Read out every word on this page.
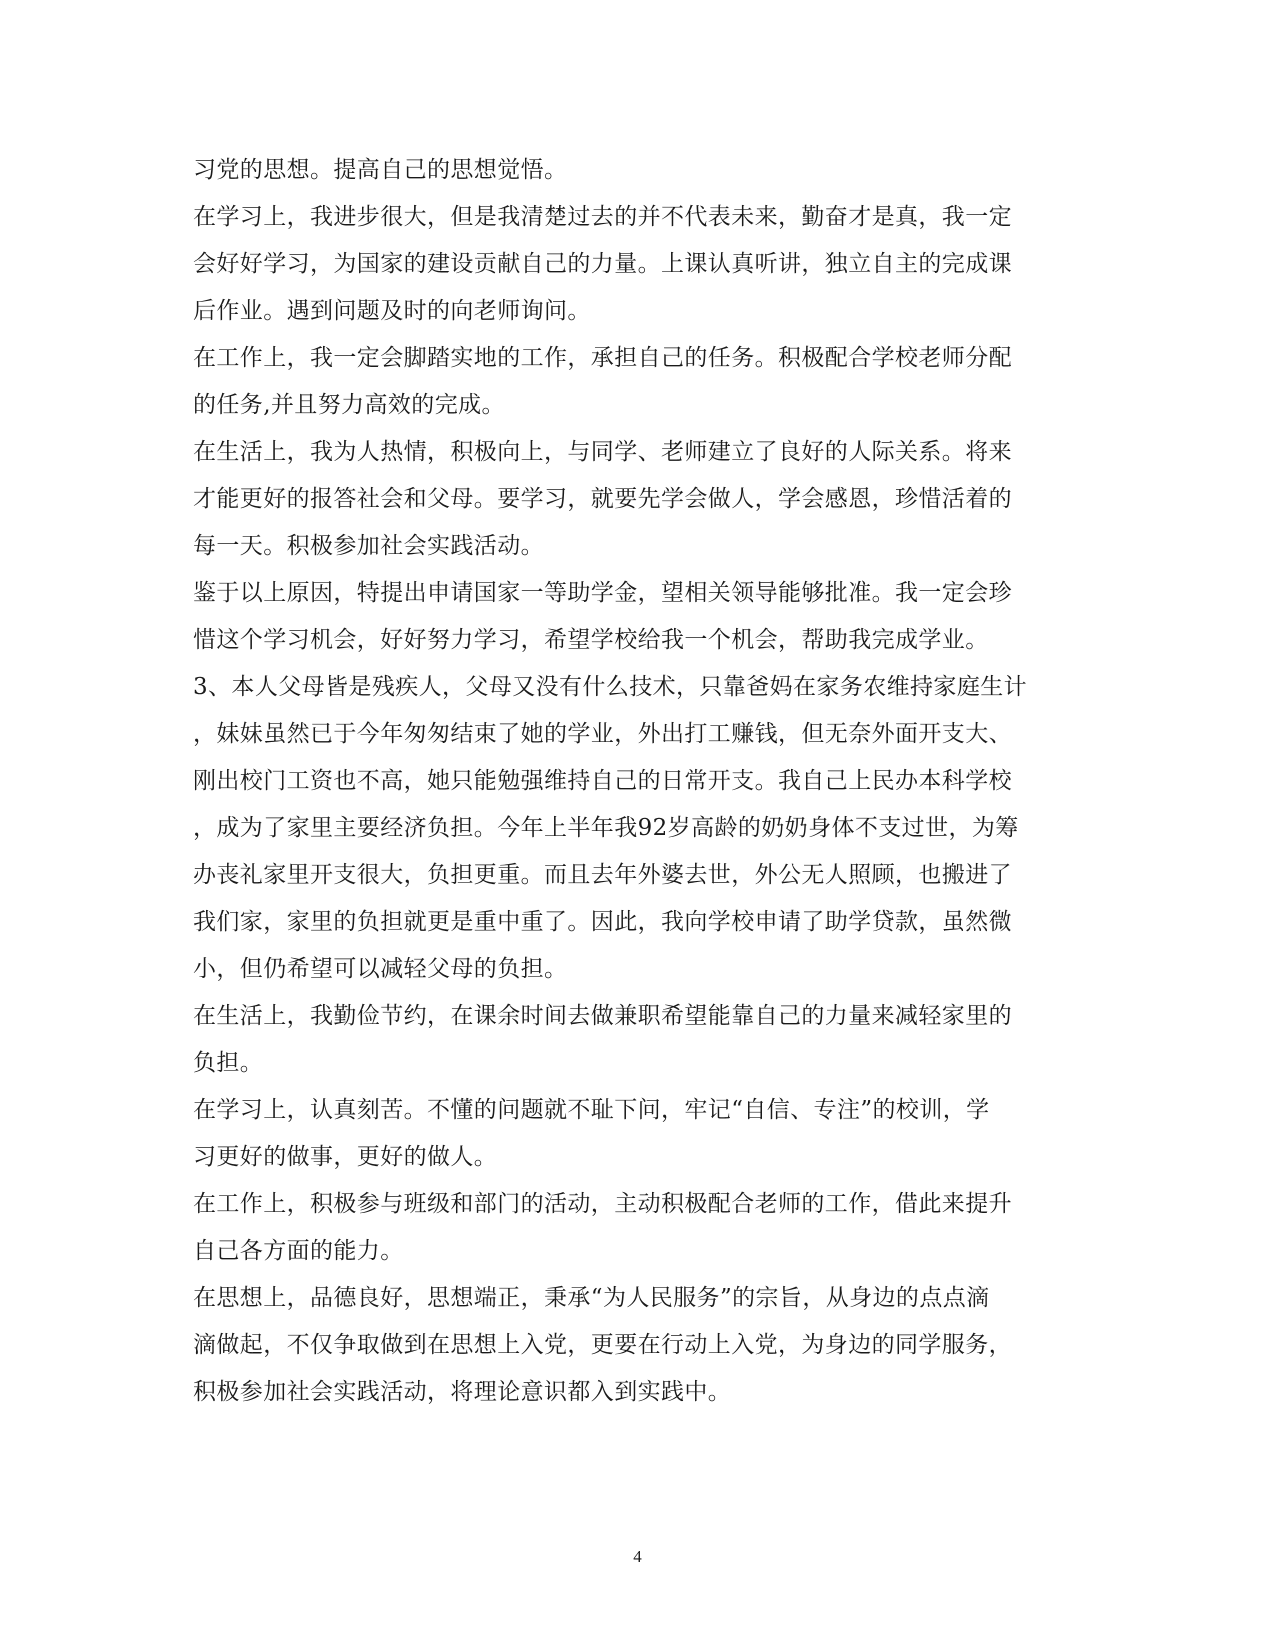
习党的思想。提高自己的思想觉悟。
在学习上，我进步很大，但是我清楚过去的并不代表未来，勤奋才是真，我一定
会好好学习，为国家的建设贡献自己的力量。上课认真听讲，独立自主的完成课
后作业。遇到问题及时的向老师询问。
在工作上，我一定会脚踏实地的工作，承担自己的任务。积极配合学校老师分配
的任务,并且努力高效的完成。
在生活上，我为人热情，积极向上，与同学、老师建立了良好的人际关系。将来
才能更好的报答社会和父母。要学习，就要先学会做人，学会感恩，珍惜活着的
每一天。积极参加社会实践活动。
鉴于以上原因，特提出申请国家一等助学金，望相关领导能够批准。我一定会珍
惜这个学习机会，好好努力学习，希望学校给我一个机会，帮助我完成学业。
3、本人父母皆是残疾人，父母又没有什么技术，只靠爸妈在家务农维持家庭生计
，妹妹虽然已于今年匆匆结束了她的学业，外出打工赚钱，但无奈外面开支大、
刚出校门工资也不高，她只能勉强维持自己的日常开支。我自己上民办本科学校
，成为了家里主要经济负担。今年上半年我92岁高龄的奶奶身体不支过世，为筹
办丧礼家里开支很大，负担更重。而且去年外婆去世，外公无人照顾，也搬进了
我们家，家里的负担就更是重中重了。因此，我向学校申请了助学贷款，虽然微
小，但仍希望可以减轻父母的负担。
在生活上，我勤俭节约，在课余时间去做兼职希望能靠自己的力量来减轻家里的
负担。
在学习上，认真刻苦。不懂的问题就不耻下问，牢记“自信、专注”的校训，学
习更好的做事，更好的做人。
在工作上，积极参与班级和部门的活动，主动积极配合老师的工作，借此来提升
自己各方面的能力。
在思想上，品德良好，思想端正，秉承“为人民服务”的宗旨，从身边的点点滴
滴做起，不仅争取做到在思想上入党，更要在行动上入党，为身边的同学服务，
积极参加社会实践活动，将理论意识都入到实践中。
4
